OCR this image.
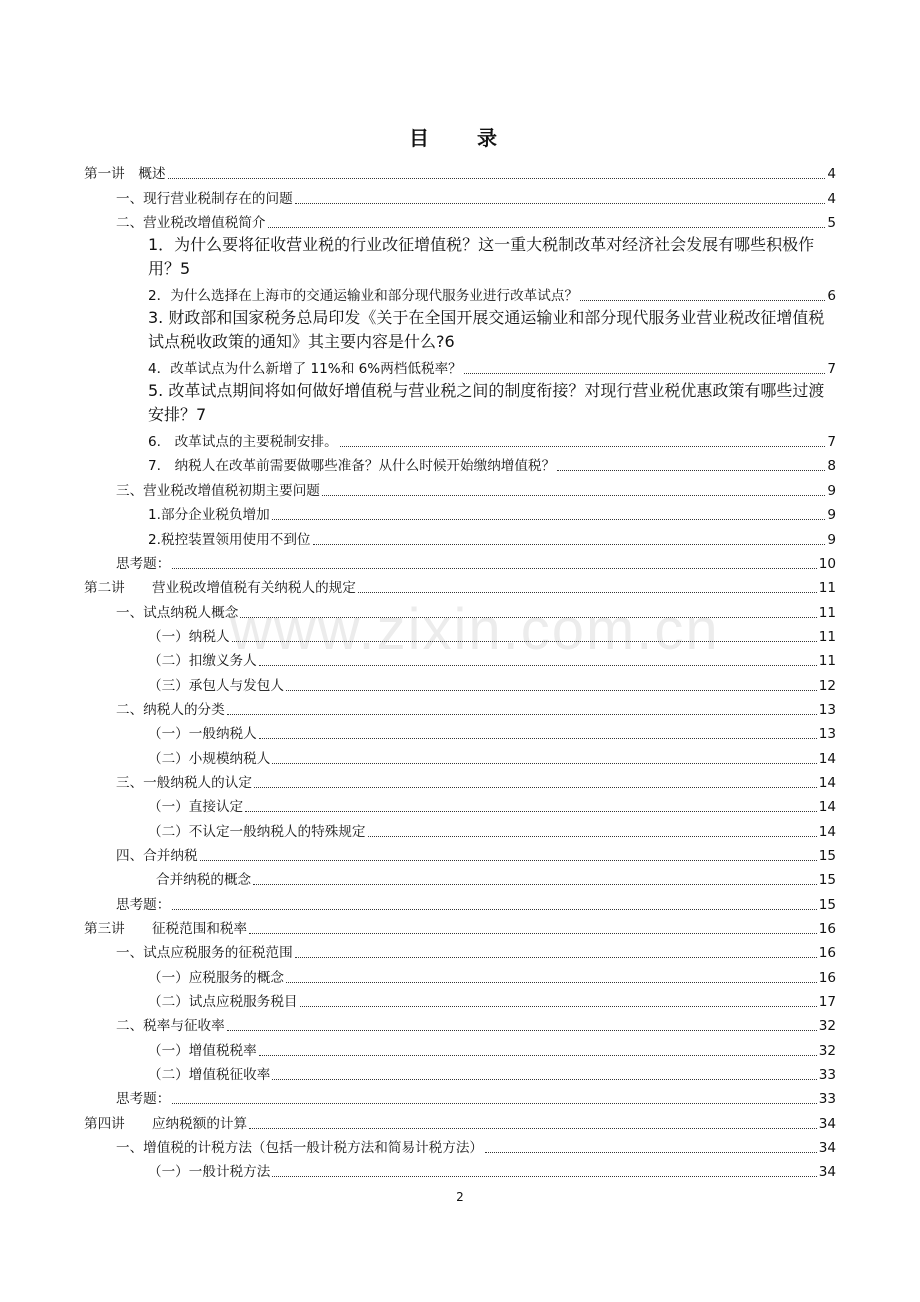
目　录
www.zixin.com.cn
第一讲　概述	4
一、现行营业税制存在的问题	4
二、营业税改增值税简介	5
1．为什么要将征收营业税的行业改征增值税？这一重大税制改革对经济社会发展有哪些积极作
用？ 5
2．为什么选择在上海市的交通运输业和部分现代服务业进行改革试点？	6
3. 财政部和国家税务总局印发《关于在全国开展交通运输业和部分现代服务业营业税改征增值税
试点税收政策的通知》其主要内容是什么? 6
4．改革试点为什么新增了 11%和 6%两档低税率？	7
5. 改革试点期间将如何做好增值税与营业税之间的制度衔接？对现行营业税优惠政策有哪些过渡
安排？ 7
6.　改革试点的主要税制安排。	7
7.　纳税人在改革前需要做哪些准备？从什么时候开始缴纳增值税？	8
三、营业税改增值税初期主要问题	9
1.部分企业税负增加	9
2.税控装置领用使用不到位	9
思考题：	10
第二讲　　营业税改增值税有关纳税人的规定	11
一、试点纳税人概念	11
（一）纳税人	11
（二）扣缴义务人	11
（三）承包人与发包人	12
二、纳税人的分类	13
（一）一般纳税人	13
（二）小规模纳税人	14
三、一般纳税人的认定	14
（一）直接认定	14
（二）不认定一般纳税人的特殊规定	14
四、合并纳税	15
合并纳税的概念	15
思考题：	15
第三讲　　征税范围和税率	16
一、试点应税服务的征税范围	16
（一）应税服务的概念	16
（二）试点应税服务税目	17
二、税率与征收率	32
（一）增值税税率	32
（二）增值税征收率	33
思考题：	33
第四讲　　应纳税额的计算	34
一、增值税的计税方法（包括一般计税方法和简易计税方法）	34
（一）一般计税方法	34
2
